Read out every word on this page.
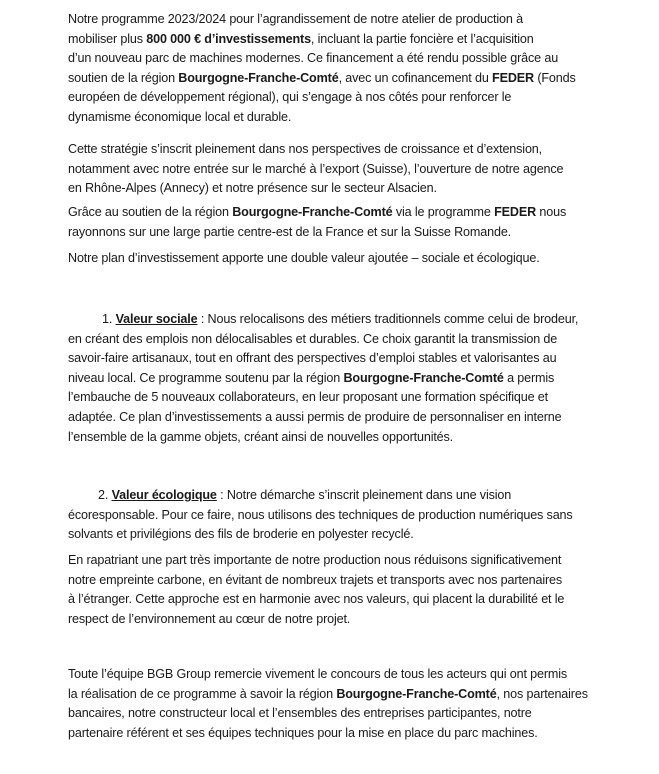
Notre programme 2023/2024 pour l’agrandissement de notre atelier de production à
mobiliser plus 800 000 € d’investissements, incluant la partie foncière et l’acquisition
d’un nouveau parc de machines modernes. Ce financement a été rendu possible grâce au
soutien de la région Bourgogne-Franche-Comté, avec un cofinancement du FEDER (Fonds
européen de développement régional), qui s’engage à nos côtés pour renforcer le
dynamisme économique local et durable.

Cette stratégie s’inscrit pleinement dans nos perspectives de croissance et d’extension,
notamment avec notre entrée sur le marché à l’export (Suisse), l’ouverture de notre agence
en Rhône-Alpes (Annecy) et notre présence sur le secteur Alsacien.

Grâce au soutien de la région Bourgogne-Franche-Comté via le programme FEDER nous
rayonnons sur une large partie centre-est de la France et sur la Suisse Romande.

Notre plan d’investissement apporte une double valeur ajoutée – sociale et écologique.

1. Valeur sociale : Nous relocalisons des métiers traditionnels comme celui de brodeur,
en créant des emplois non délocalisables et durables. Ce choix garantit la transmission de
savoir-faire artisanaux, tout en offrant des perspectives d’emploi stables et valorisantes au
niveau local. Ce programme soutenu par la région Bourgogne-Franche-Comté a permis
l’embauche de 5 nouveaux collaborateurs, en leur proposant une formation spécifique et
adaptée. Ce plan d’investissements a aussi permis de produire de personnaliser en interne
l’ensemble de la gamme objets, créant ainsi de nouvelles opportunités.

2. Valeur écologique : Notre démarche s’inscrit pleinement dans une vision
écoresponsable. Pour ce faire, nous utilisons des techniques de production numériques sans
solvants et privilégions des fils de broderie en polyester recyclé.

En rapatriant une part très importante de notre production nous réduisons significativement
notre empreinte carbone, en évitant de nombreux trajets et transports avec nos partenaires
à l’étranger. Cette approche est en harmonie avec nos valeurs, qui placent la durabilité et le
respect de l’environnement au cœur de notre projet.

Toute l’équipe BGB Group remercie vivement le concours de tous les acteurs qui ont permis
la réalisation de ce programme à savoir la région Bourgogne-Franche-Comté, nos partenaires
bancaires, notre constructeur local et l’ensembles des entreprises participantes, notre
partenaire référent et ses équipes techniques pour la mise en place du parc machines.
